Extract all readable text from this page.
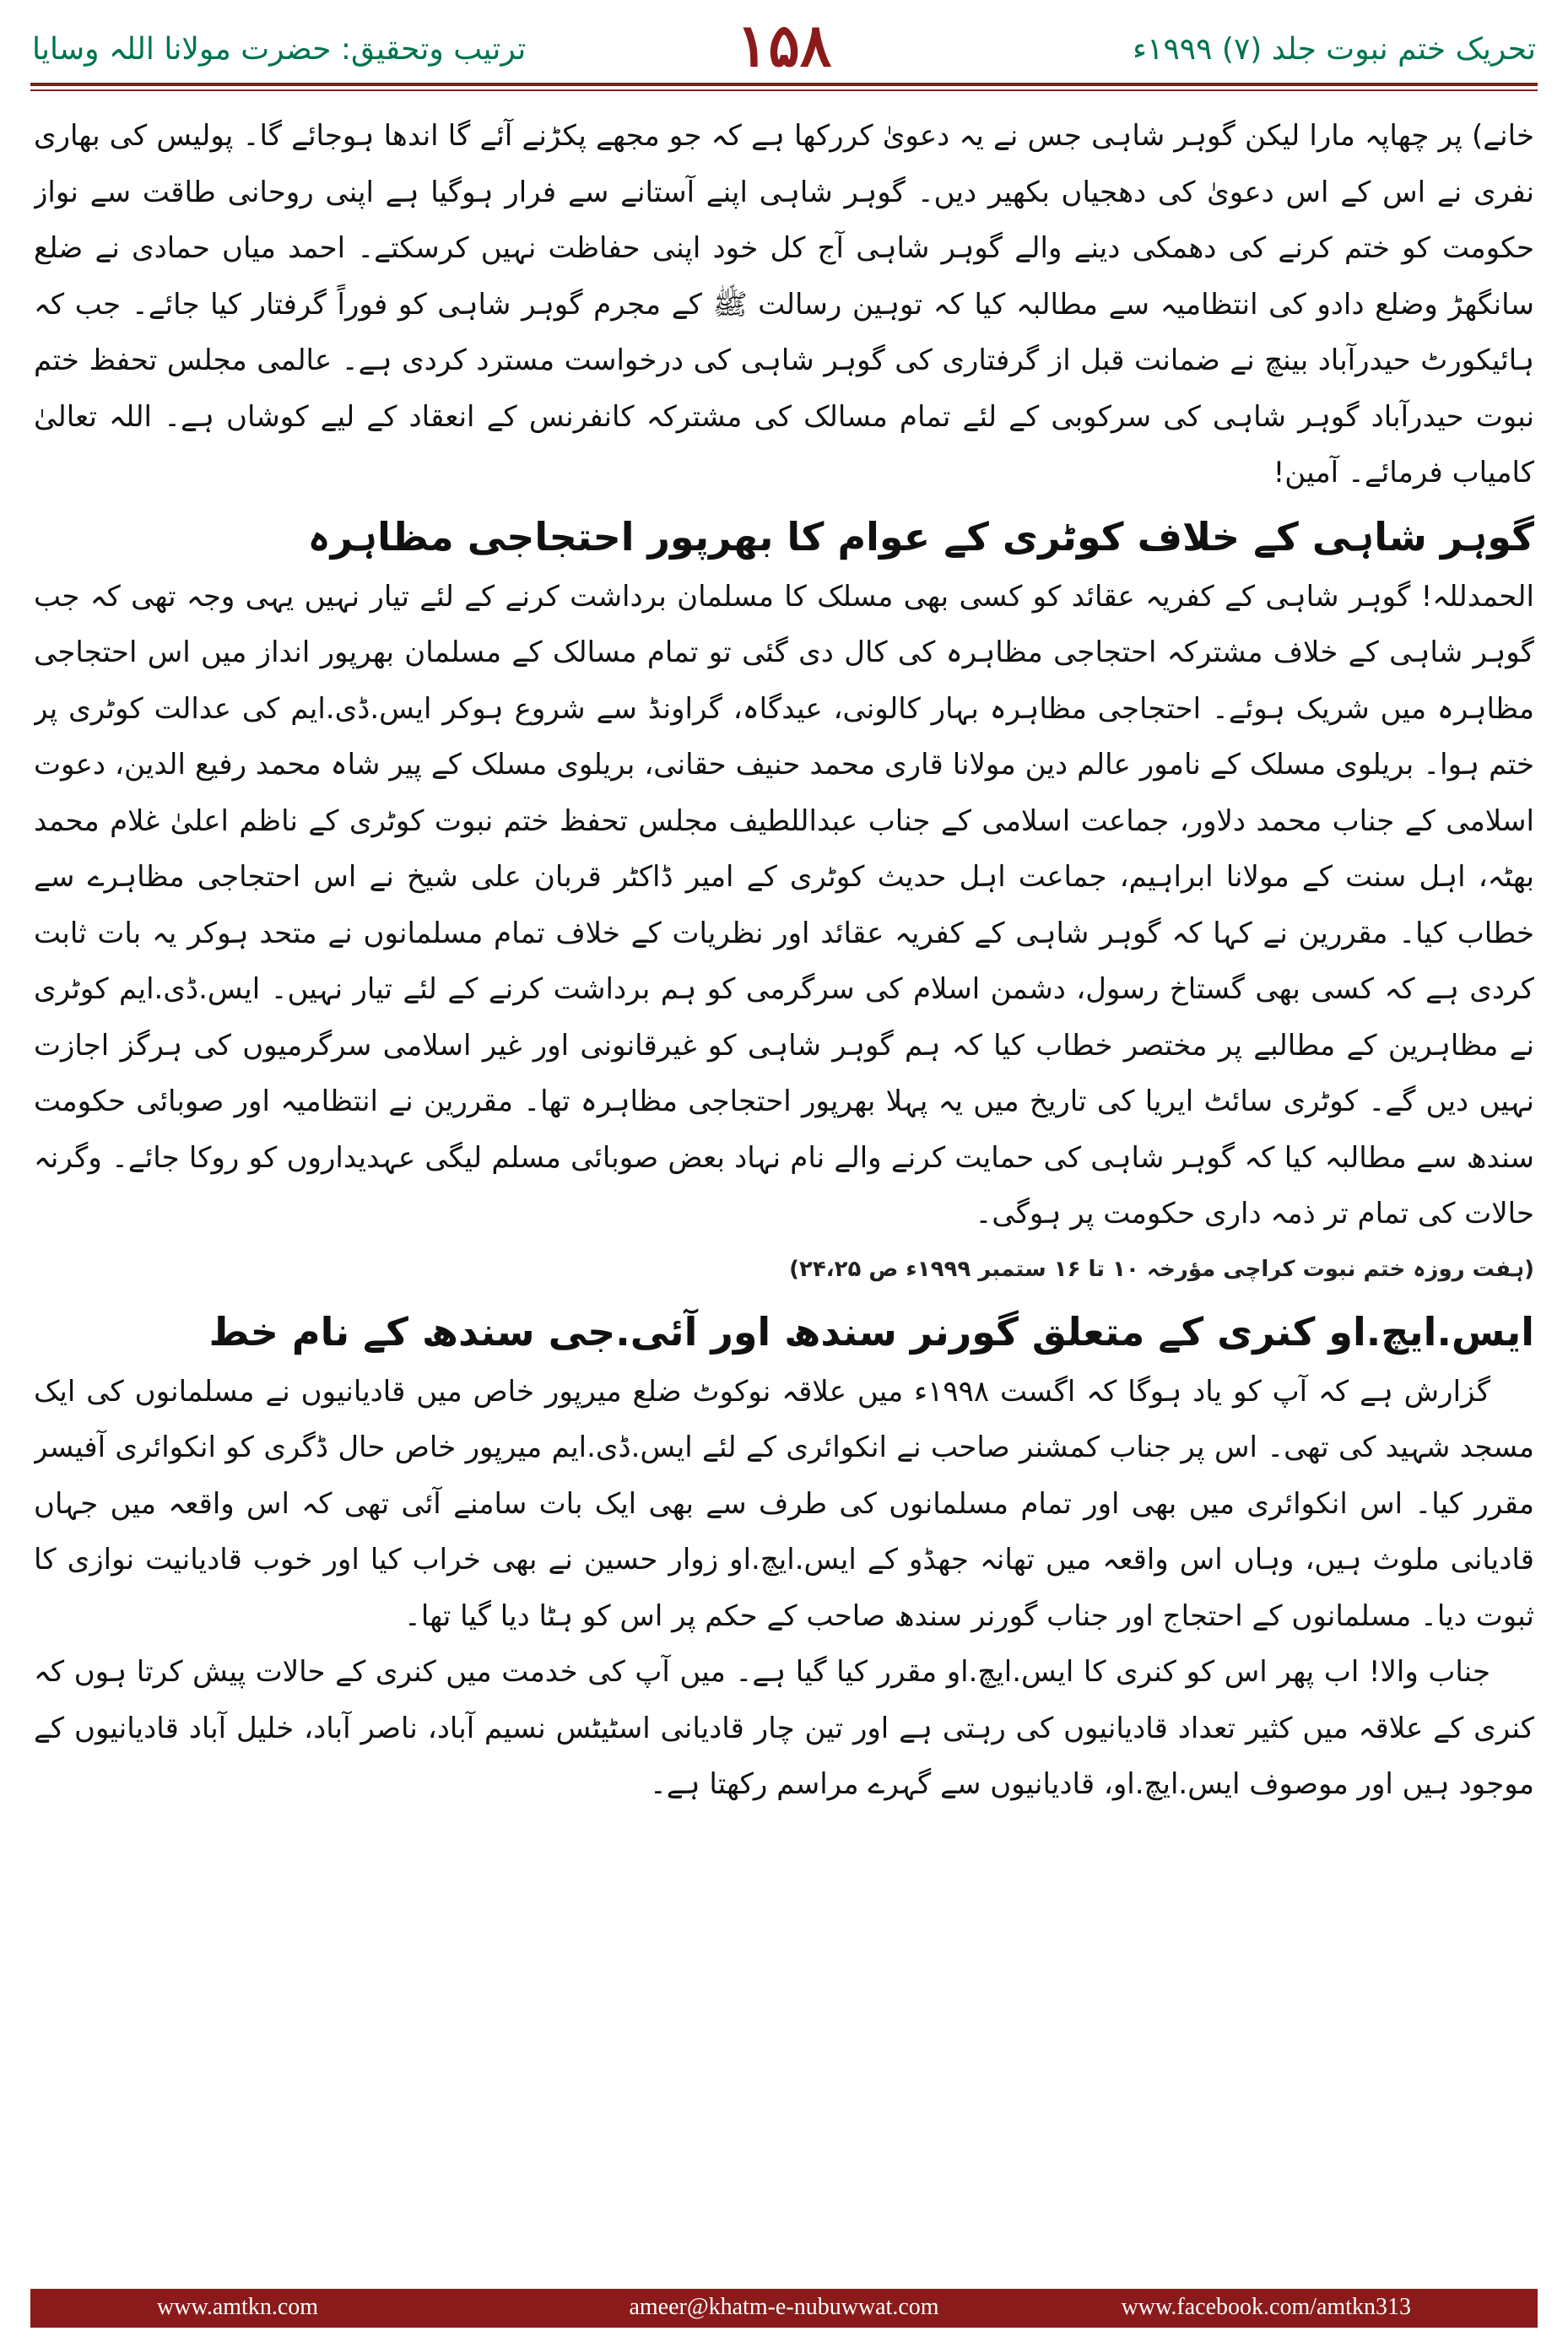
ترتیب وتحقیق: حضرت مولانا اللہ وسایا	۱۵۸	تحریک ختم نبوت جلد (۷) ۱۹۹۹ء

خانے) پر چھاپہ مارا لیکن گوہر شاہی جس نے یہ دعویٰ کررکھا ہے کہ جو مجھے پکڑنے آئے گا اندھا ہوجائے گا۔ پولیس کی بھاری نفری نے اس کے اس دعویٰ کی دھجیاں بکھیر دیں۔ گوہر شاہی اپنے آستانے سے فرار ہوگیا ہے اپنی روحانی طاقت سے نواز حکومت کو ختم کرنے کی دھمکی دینے والے گوہر شاہی آج کل خود اپنی حفاظت نہیں کرسکتے۔ احمد میاں حمادی نے ضلع سانگھڑ وضلع دادو کی انتظامیہ سے مطالبہ کیا کہ توہین رسالت ﷺ کے مجرم گوہر شاہی کو فوراً گرفتار کیا جائے۔ جب کہ ہائیکورٹ حیدرآباد بینچ نے ضمانت قبل از گرفتاری کی گوہر شاہی کی درخواست مسترد کردی ہے۔ عالمی مجلس تحفظ ختم نبوت حیدرآباد گوہر شاہی کی سرکوبی کے لئے تمام مسالک کی مشترکہ کانفرنس کے انعقاد کے لیے کوشاں ہے۔ اللہ تعالیٰ کامیاب فرمائے۔ آمین!

گوہر شاہی کے خلاف کوٹری کے عوام کا بھرپور احتجاجی مظاہرہ

الحمدللہ! گوہر شاہی کے کفریہ عقائد کو کسی بھی مسلک کا مسلمان برداشت کرنے کے لئے تیار نہیں یہی وجہ تھی کہ جب گوہر شاہی کے خلاف مشترکہ احتجاجی مظاہرہ کی کال دی گئی تو تمام مسالک کے مسلمان بھرپور انداز میں اس احتجاجی مظاہرہ میں شریک ہوئے۔ احتجاجی مظاہرہ بہار کالونی، عیدگاہ، گراونڈ سے شروع ہوکر ایس.ڈی.ایم کی عدالت کوٹری پر ختم ہوا۔ بریلوی مسلک کے نامور عالم دین مولانا قاری محمد حنیف حقانی، بریلوی مسلک کے پیر شاہ محمد رفیع الدین، دعوت اسلامی کے جناب محمد دلاور، جماعت اسلامی کے جناب عبداللطیف مجلس تحفظ ختم نبوت کوٹری کے ناظم اعلیٰ غلام محمد بھٹہ، اہل سنت کے مولانا ابراہیم، جماعت اہل حدیث کوٹری کے امیر ڈاکٹر قربان علی شیخ نے اس احتجاجی مظاہرے سے خطاب کیا۔ مقررین نے کہا کہ گوہر شاہی کے کفریہ عقائد اور نظریات کے خلاف تمام مسلمانوں نے متحد ہوکر یہ بات ثابت کردی ہے کہ کسی بھی گستاخ رسول، دشمن اسلام کی سرگرمی کو ہم برداشت کرنے کے لئے تیار نہیں۔ ایس.ڈی.ایم کوٹری نے مظاہرین کے مطالبے پر مختصر خطاب کیا کہ ہم گوہر شاہی کو غیرقانونی اور غیر اسلامی سرگرمیوں کی ہرگز اجازت نہیں دیں گے۔ کوٹری سائٹ ایریا کی تاریخ میں یہ پہلا بھرپور احتجاجی مظاہرہ تھا۔ مقررین نے انتظامیہ اور صوبائی حکومت سندھ سے مطالبہ کیا کہ گوہر شاہی کی حمایت کرنے والے نام نہاد بعض صوبائی مسلم لیگی عہدیداروں کو روکا جائے۔ وگرنہ حالات کی تمام تر ذمہ داری حکومت پر ہوگی۔

(ہفت روزہ ختم نبوت کراچی مؤرخہ ۱۰ تا ۱۶ ستمبر ۱۹۹۹ء ص ۲۴،۲۵)

ایس.ایچ.او کنری کے متعلق گورنر سندھ اور آئی.جی سندھ کے نام خط

گزارش ہے کہ آپ کو یاد ہوگا کہ اگست ۱۹۹۸ء میں علاقہ نوکوٹ ضلع میرپور خاص میں قادیانیوں نے مسلمانوں کی ایک مسجد شہید کی تھی۔ اس پر جناب کمشنر صاحب نے انکوائری کے لئے ایس.ڈی.ایم میرپور خاص حال ڈگری کو انکوائری آفیسر مقرر کیا۔ اس انکوائری میں بھی اور تمام مسلمانوں کی طرف سے بھی ایک بات سامنے آئی تھی کہ اس واقعہ میں جہاں قادیانی ملوث ہیں، وہاں اس واقعہ میں تھانہ جھڈو کے ایس.ایچ.او زوار حسین نے بھی خراب کیا اور خوب قادیانیت نوازی کا ثبوت دیا۔ مسلمانوں کے احتجاج اور جناب گورنر سندھ صاحب کے حکم پر اس کو ہٹا دیا گیا تھا۔

جناب والا! اب پھر اس کو کنری کا ایس.ایچ.او مقرر کیا گیا ہے۔ میں آپ کی خدمت میں کنری کے حالات پیش کرتا ہوں کہ کنری کے علاقہ میں کثیر تعداد قادیانیوں کی رہتی ہے اور تین چار قادیانی اسٹیٹس نسیم آباد، ناصر آباد، خلیل آباد قادیانیوں کے موجود ہیں اور موصوف ایس.ایچ.او، قادیانیوں سے گہرے مراسم رکھتا ہے۔

www.amtkn.com	ameer@khatm-e-nubuwwat.com	www.facebook.com/amtkn313
